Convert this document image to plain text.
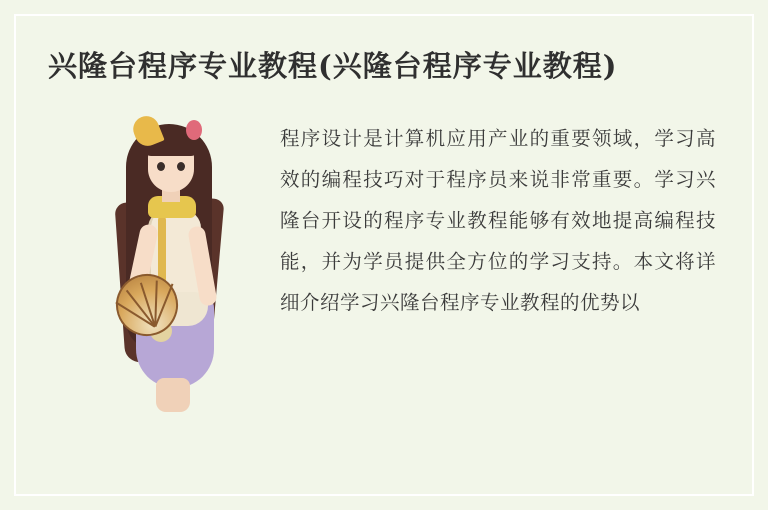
兴隆台程序专业教程(兴隆台程序专业教程)

程序设计是计算机应用产业的重要领域，学习高效的编程技巧对于程序员来说非常重要。学习兴隆台开设的程序专业教程能够有效地提高编程技能，并为学员提供全方位的学习支持。本文将详细介绍学习兴隆台程序专业教程的优势以
